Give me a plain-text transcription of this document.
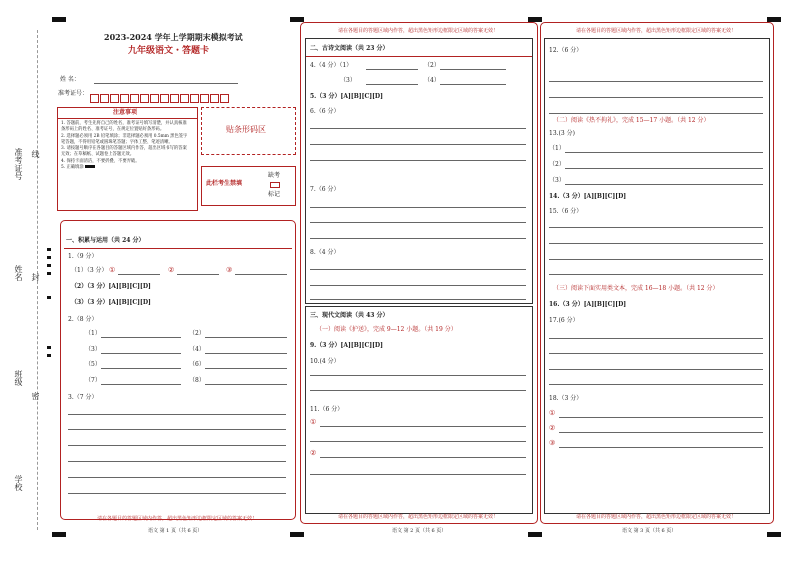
准考证号 线
姓名 封
班级
密
学校
2023-2024 学年上学期期末模拟考试
九年级语文・答题卡
姓 名：
准考证号：
注意事项
1. 答题前，考生先将自己的姓名，准考证号填写清楚，并认真核准条形码上的姓名、准考证号，在规定位置贴好条形码。
2. 选择题必须用 2B 铅笔填涂；非选择题必须用 0.5mm 黑色签字笔答题，不得用铅笔或圆珠笔答题；字体工整、笔迹清晰。
3. 请按题号顺序在各题目的答题区域内作答，超出区域书写的答案无效；在草稿纸、试题卷上答题无效。
4. 保持卡面清洁，不要折叠、不要弄破。
5. 正确填涂
贴条形码区
此栏考生禁填
缺考
标记
一、积累与运用（共 24 分）
1.（9 分）
（1）（3 分） ①	②	③
（2）（3 分）[A][B][C][D]
（3）（3 分）[A][B][C][D]
2.（8 分）
（1）	（2）
（3）	（4）
（5）	（6）
（7）	（8）
3.（7 分）
请在各题目的答题区域内作答，超出黑色矩形边框限定区域的答案无效！
语文 第 1 页（共 6 页）
请在各题目的答题区域内作答，超出黑色矩形边框限定区域的答案无效！
二、古诗文阅读（共 23 分）
4.（4 分）（1）	（2）
（3）	（4）
5.（3 分）[A][B][C][D]
6.（6 分）
7.（6 分）
8.（4 分）
三、现代文阅读（共 43 分）
（一）阅读《护送》，完成 9—12 小题。（共 19 分）
9.（3 分）[A][B][C][D]
10.(4 分）
11.（6 分）
①
②
请在各题目的答题区域内作答，超出黑色矩形边框限定区域的答案无效！
语文 第 2 页（共 6 页）
请在各题目的答题区域内作答，超出黑色矩形边框限定区域的答案无效！
12.（6 分）
（二）阅读《热不拘礼》，完成 15—17 小题。（共 12 分）
13.(3 分)
（1）
（2）
（3）
14.（3 分）[A][B][C][D]
15.（6 分）
（三）阅读下面实用类文本，完成 16—18 小题。（共 12 分）
16.（3 分）[A][B][C][D]
17.(6 分）
18.（3 分）
①
②
③
请在各题目的答题区域内作答，超出黑色矩形边框限定区域的答案无效！
语文 第 3 页（共 6 页）
